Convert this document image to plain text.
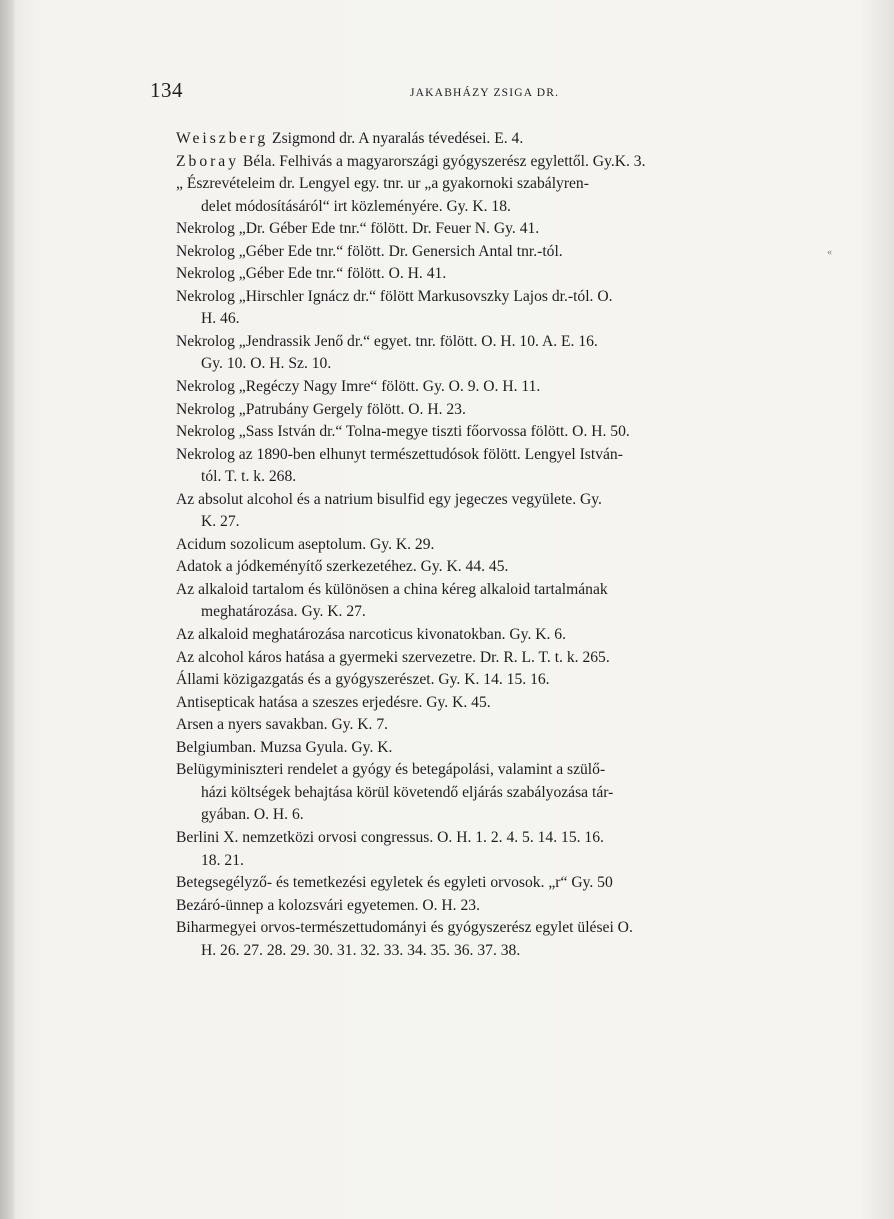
134	JAKABHÁZY ZSIGA DR.
«
Weiszberg Zsigmond dr. A nyaralás tévedései. E. 4.
Zboray Béla. Felhivás a magyarországi gyógyszerész egylettől. Gy.K. 3.
„ Észrevételeim dr. Lengyel egy. tnr. ur „a gyakornoki szabályren-
delet módosításáról“ irt közleményére. Gy. K. 18.
Nekrolog „Dr. Géber Ede tnr.“ fölött. Dr. Feuer N. Gy. 41.
Nekrolog „Géber Ede tnr.“ fölött. Dr. Genersich Antal tnr.-tól.
Nekrolog „Géber Ede tnr.“ fölött. O. H. 41.
Nekrolog „Hirschler Ignácz dr.“ fölött Markusovszky Lajos dr.-tól. O.
H. 46.
Nekrolog „Jendrassik Jenő dr.“ egyet. tnr. fölött. O. H. 10. A. E. 16.
Gy. 10. O. H. Sz. 10.
Nekrolog „Regéczy Nagy Imre“ fölött. Gy. O. 9. O. H. 11.
Nekrolog „Patrubány Gergely fölött. O. H. 23.
Nekrolog „Sass István dr.“ Tolna-megye tiszti főorvossa fölött. O. H. 50.
Nekrolog az 1890-ben elhunyt természettudósok fölött. Lengyel István-
tól. T. t. k. 268.
Az absolut alcohol és a natrium bisulfid egy jegeczes vegyülete. Gy.
K. 27.
Acidum sozolicum aseptolum. Gy. K. 29.
Adatok a jódkeményítő szerkezetéhez. Gy. K. 44. 45.
Az alkaloid tartalom és különösen a china kéreg alkaloid tartalmának
meghatározása. Gy. K. 27.
Az alkaloid meghatározása narcoticus kivonatokban. Gy. K. 6.
Az alcohol káros hatása a gyermeki szervezetre. Dr. R. L. T. t. k. 265.
Állami közigazgatás és a gyógyszerészet. Gy. K. 14. 15. 16.
Antisepticak hatása a szeszes erjedésre. Gy. K. 45.
Arsen a nyers savakban. Gy. K. 7.
Belgiumban. Muzsa Gyula. Gy. K.
Belügyminiszteri rendelet a gyógy és betegápolási, valamint a szülő-
házi költségek behajtása körül követendő eljárás szabályozása tár-
gyában. O. H. 6.
Berlini X. nemzetközi orvosi congressus. O. H. 1. 2. 4. 5. 14. 15. 16.
18. 21.
Betegsegélyző- és temetkezési egyletek és egyleti orvosok. „r“ Gy. 50
Bezáró-ünnep a kolozsvári egyetemen. O. H. 23.
Biharmegyei orvos-természettudományi és gyógyszerész egylet ülései O.
H. 26. 27. 28. 29. 30. 31. 32. 33. 34. 35. 36. 37. 38.
